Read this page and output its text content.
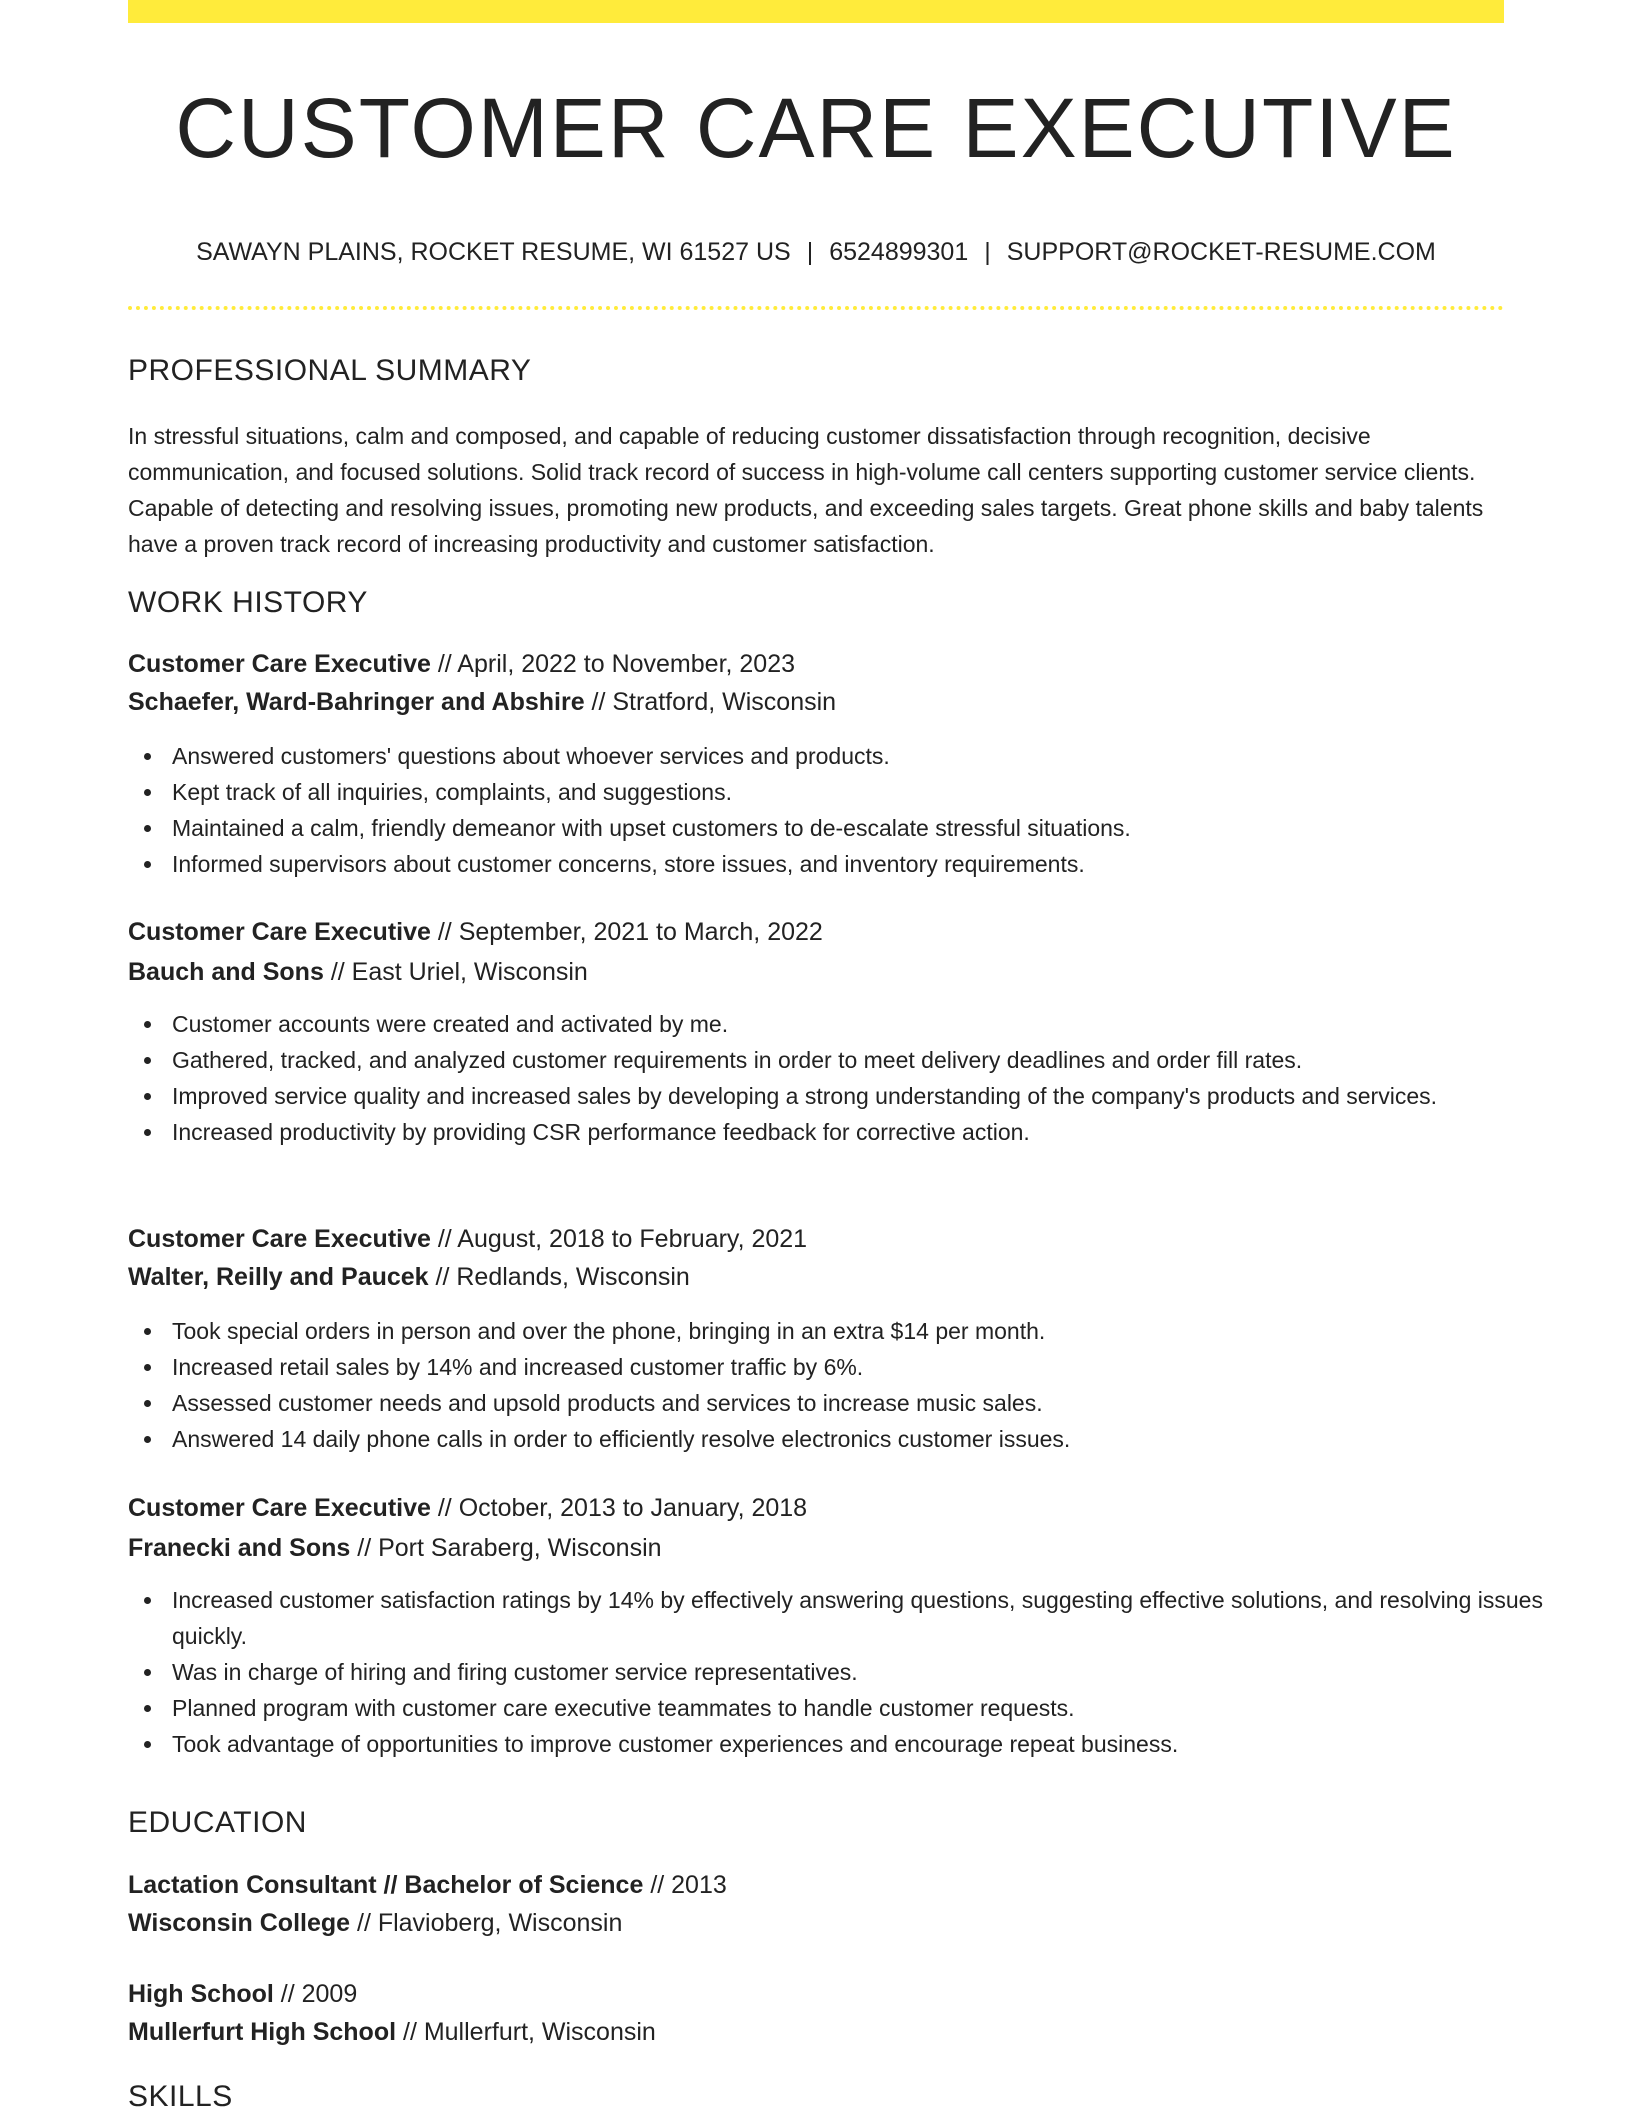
CUSTOMER CARE EXECUTIVE
SAWAYN PLAINS, ROCKET RESUME, WI 61527 US | 6524899301 | SUPPORT@ROCKET-RESUME.COM
PROFESSIONAL SUMMARY
In stressful situations, calm and composed, and capable of reducing customer dissatisfaction through recognition, decisive communication, and focused solutions. Solid track record of success in high-volume call centers supporting customer service clients. Capable of detecting and resolving issues, promoting new products, and exceeding sales targets. Great phone skills and baby talents have a proven track record of increasing productivity and customer satisfaction.
WORK HISTORY
Customer Care Executive // April, 2022 to November, 2023
Schaefer, Ward-Bahringer and Abshire // Stratford, Wisconsin
Answered customers' questions about whoever services and products.
Kept track of all inquiries, complaints, and suggestions.
Maintained a calm, friendly demeanor with upset customers to de-escalate stressful situations.
Informed supervisors about customer concerns, store issues, and inventory requirements.
Customer Care Executive // September, 2021 to March, 2022
Bauch and Sons // East Uriel, Wisconsin
Customer accounts were created and activated by me.
Gathered, tracked, and analyzed customer requirements in order to meet delivery deadlines and order fill rates.
Improved service quality and increased sales by developing a strong understanding of the company's products and services.
Increased productivity by providing CSR performance feedback for corrective action.
Customer Care Executive // August, 2018 to February, 2021
Walter, Reilly and Paucek // Redlands, Wisconsin
Took special orders in person and over the phone, bringing in an extra $14 per month.
Increased retail sales by 14% and increased customer traffic by 6%.
Assessed customer needs and upsold products and services to increase music sales.
Answered 14 daily phone calls in order to efficiently resolve electronics customer issues.
Customer Care Executive // October, 2013 to January, 2018
Franecki and Sons // Port Saraberg, Wisconsin
Increased customer satisfaction ratings by 14% by effectively answering questions, suggesting effective solutions, and resolving issues quickly.
Was in charge of hiring and firing customer service representatives.
Planned program with customer care executive teammates to handle customer requests.
Took advantage of opportunities to improve customer experiences and encourage repeat business.
EDUCATION
Lactation Consultant // Bachelor of Science // 2013
Wisconsin College // Flavioberg, Wisconsin
High School // 2009
Mullerfurt High School // Mullerfurt, Wisconsin
SKILLS
